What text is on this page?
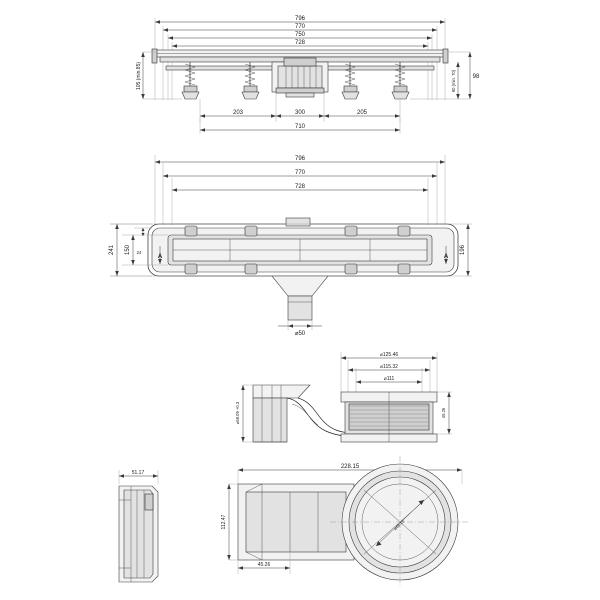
796
770
750
728
105 (min.85)	98
90 (min. 70)
203	300	205
710
796
770
728
⌀50
150 24
241	196
A	A
⌀125.46
⌀115.32
⌀111
⌀58.09 +0.3	45.26
51.17
228.15
⌀46.15
112.47
45.26
